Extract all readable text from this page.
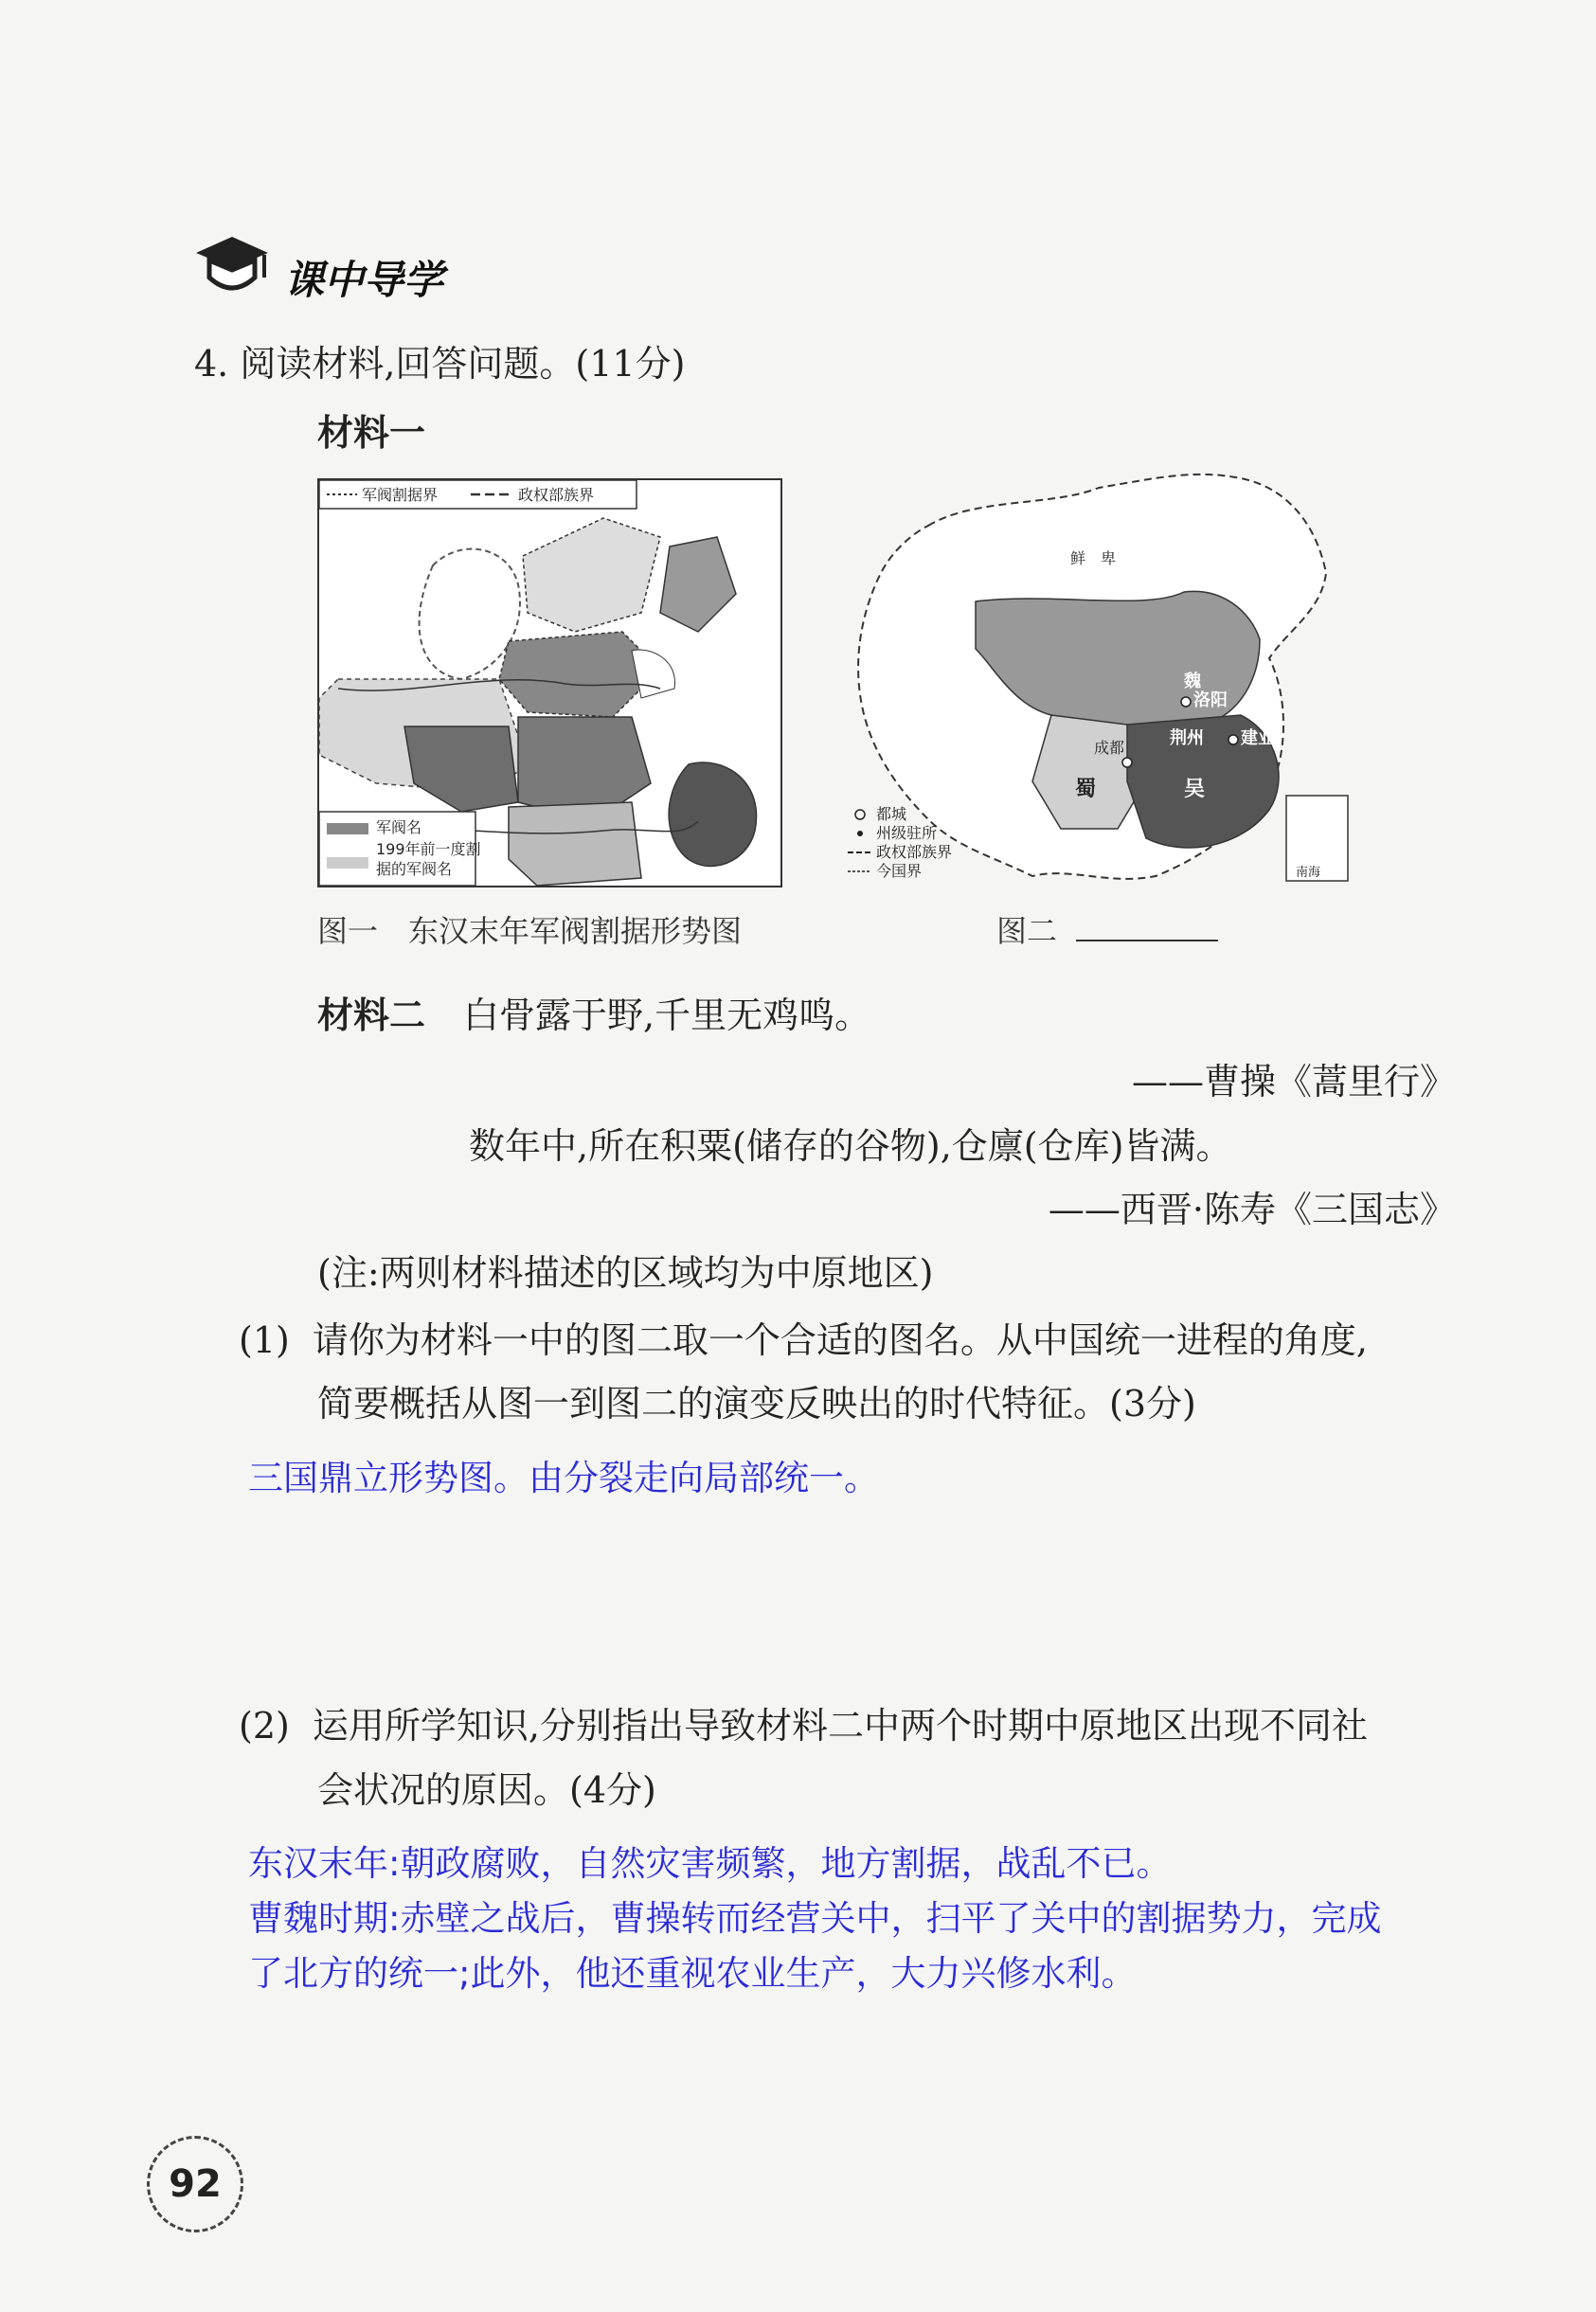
课中导学
4. 阅读材料,回答问题。(11分)
材料一
军阀割据界	政权部族界
军阀名
199年前一度割
据的军阀名
图一　东汉末年军阀割据形势图
鲜　卑
魏
蜀	吴
洛阳
建业
成都	荆州
都城
州级驻所
政权部族界
今国界	南海
图二
材料二 白骨露于野,千里无鸡鸣。
——曹操《蒿里行》
数年中,所在积粟(储存的谷物),仓廪(仓库)皆满。
——西晋·陈寿《三国志》
(注:两则材料描述的区域均为中原地区)
(1) 请你为材料一中的图二取一个合适的图名。从中国统一进程的角度,
简要概括从图一到图二的演变反映出的时代特征。(3分)
三国鼎立形势图。由分裂走向局部统一。
(2) 运用所学知识,分别指出导致材料二中两个时期中原地区出现不同社
会状况的原因。(4分)
东汉末年:朝政腐败，自然灾害频繁，地方割据，战乱不已。
曹魏时期:赤壁之战后，曹操转而经营关中，扫平了关中的割据势力，完成
了北方的统一;此外，他还重视农业生产，大力兴修水利。
92
